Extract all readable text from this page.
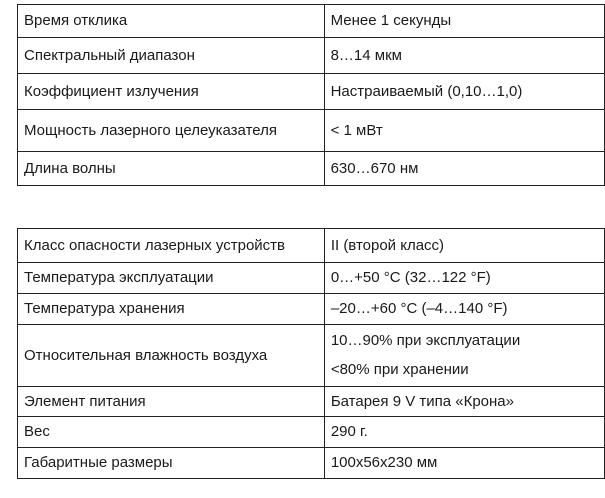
Время отклика	Менее 1 секунды
Спектральный диапазон	8…14 мкм
Коэффициент излучения	Настраиваемый (0,10…1,0)
Мощность лазерного целеуказателя	< 1 мВт
Длина волны	630…670 нм
Класс опасности лазерных устройств	II (второй класс)
Температура эксплуатации	0…+50 °C (32…122 °F)
Температура хранения	–20…+60 °C (–4…140 °F)
Относительная влажность воздуха	10…90% при эксплуатации
<80% при хранении

Элемент питания	Батарея 9 V типа «Крона»
Вес	290 г.
Габаритные размеры	100x56x230 мм
